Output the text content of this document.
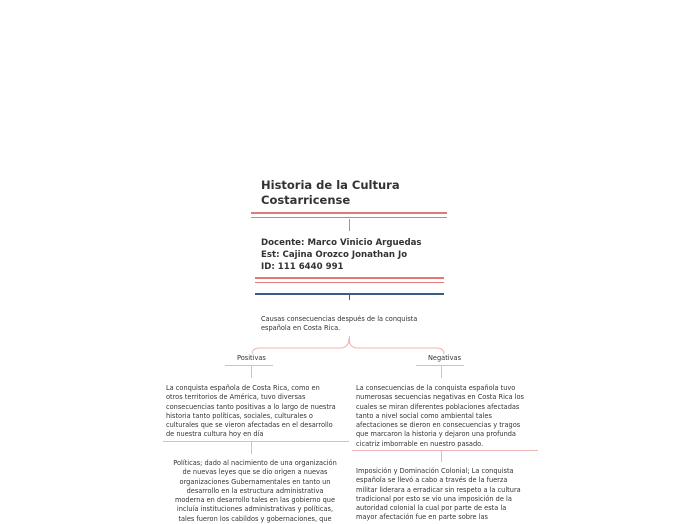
Historia de la Cultura
Costarricense
Docente: Marco Vinicio Arguedas
Est: Cajina Orozco Jonathan Jo
ID: 111 6440 991
Causas consecuencias después de la conquista
española en Costa Rica.
Positivas	Negativas
La conquista española de Costa Rica, como en
otros territorios de América, tuvo diversas
consecuencias tanto positivas a lo largo de nuestra
historia tanto políticas, sociales, culturales o
culturales que se vieron afectadas en el desarrollo
de nuestra cultura hoy en día
La consecuencias de la conquista española tuvo
numerosas secuencias negativas en Costa Rica los
cuales se miran diferentes poblaciones afectadas
tanto a nivel social como ambiental tales
afectaciones se dieron en consecuencias y tragos
que marcaron la historia y dejaron una profunda
cicatriz imborrable en nuestro pasado.
Políticas; dado al nacimiento de una organización
de nuevas leyes que se dio origen a nuevas
organizaciones Gubernamentales en tanto un
desarrollo en la estructura administrativa
moderna en desarrollo tales en las gobierno que
incluía instituciones administrativas y políticas,
tales fueron los cabildos y gobernaciones, que
Imposición y Dominación Colonial; La conquista
española se llevó a cabo a través de la fuerza
militar liderara a erradicar sin respeto a la cultura
tradicional por esto se vio una imposición de la
autoridad colonial la cual por parte de esta la
mayor afectación fue en parte sobre las
